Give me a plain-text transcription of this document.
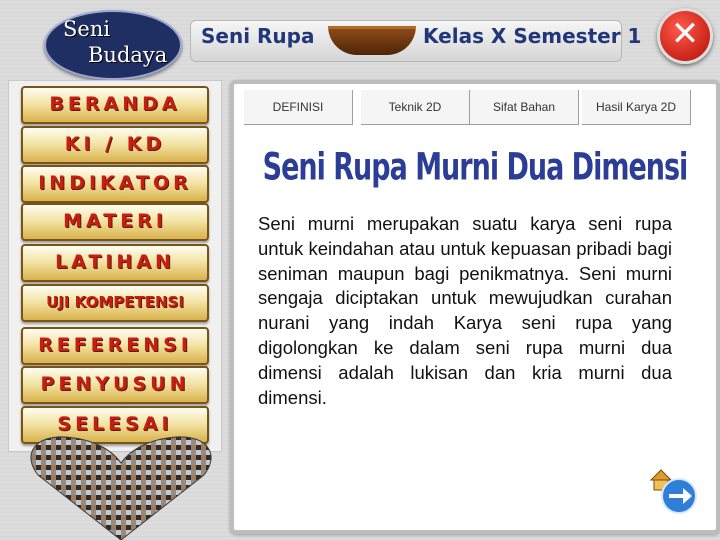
Seni
Budaya
Seni Rupa	Kelas X Semester 1 ✕
BERANDA
KI / KD
INDIKATOR
MATERI
LATIHAN
UJI KOMPETENSI
REFERENSI
PENYUSUN
SELESAI
DEFINISI	Teknik 2D	Sifat Bahan	Hasil Karya 2D
Seni Rupa Murni Dua Dimensi

Seni murni merupakan suatu karya seni rupa untuk keindahan atau untuk kepuasan pribadi bagi seniman maupun bagi penikmatnya. Seni murni sengaja diciptakan untuk mewujudkan curahan nurani yang indah Karya seni rupa yang digolongkan ke dalam seni rupa murni dua dimensi adalah lukisan dan kria murni dua dimensi.
